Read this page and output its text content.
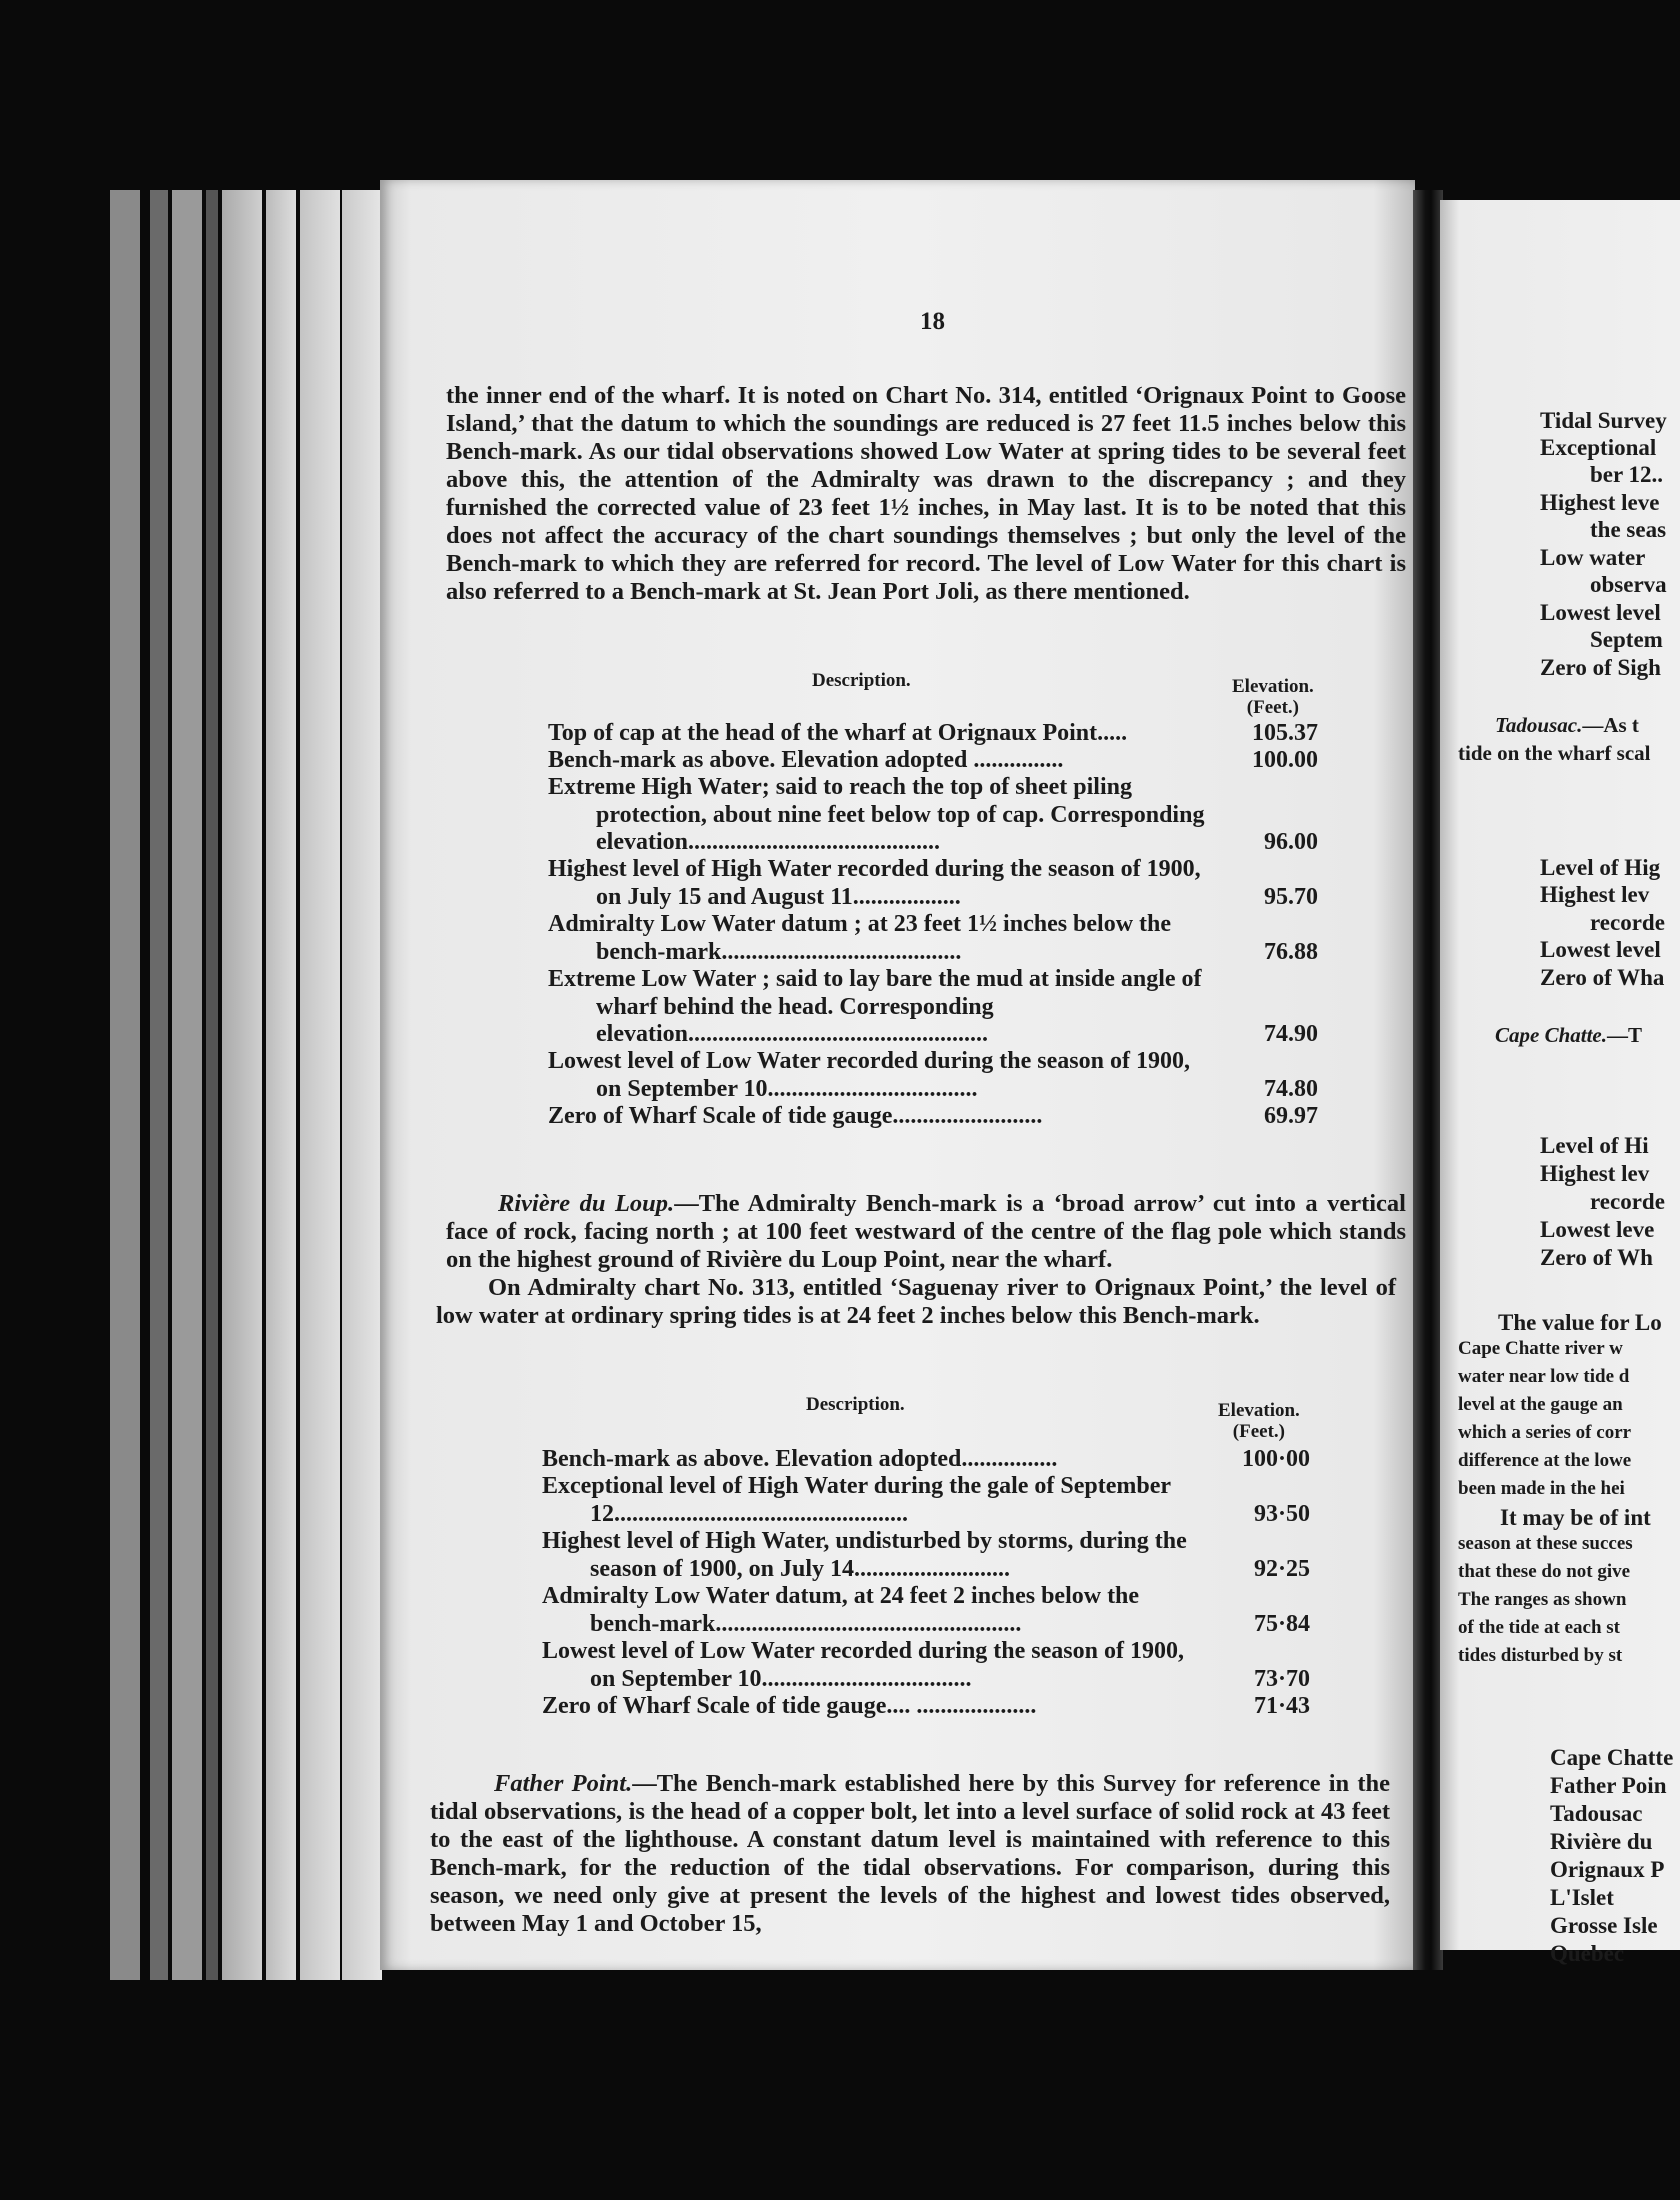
18
the inner end of the wharf. It is noted on Chart No. 314, entitled ‘Orignaux Point to Goose Island,’ that the datum to which the soundings are reduced is 27 feet 11.5 inches below this Bench-mark. As our tidal observations showed Low Water at spring tides to be several feet above this, the attention of the Admiralty was drawn to the discrepancy ; and they furnished the corrected value of 23 feet 1½ inches, in May last. It is to be noted that this does not affect the accuracy of the chart soundings themselves ; but only the level of the Bench-mark to which they are referred for record. The level of Low Water for this chart is also referred to a Bench-mark at St. Jean Port Joli, as there mentioned.
Description.	Elevation.
(Feet.)
Top of cap at the head of the wharf at Orignaux Point.....	105.37
Bench-mark as above. Elevation adopted ...............	100.00
Extreme High Water; said to reach the top of sheet piling protection, about nine feet below top of cap. Corresponding elevation..........................................	96.00
Highest level of High Water recorded during the season of 1900, on July 15 and August 11..................	95.70
Admiralty Low Water datum ; at 23 feet 1½ inches below the bench-mark........................................	76.88
Extreme Low Water ; said to lay bare the mud at inside angle of wharf behind the head. Corresponding elevation..................................................	74.90
Lowest level of Low Water recorded during the season of 1900, on September 10...................................	74.80
Zero of Wharf Scale of tide gauge.........................	69.97
Rivière du Loup.—The Admiralty Bench-mark is a ‘broad arrow’ cut into a vertical face of rock, facing north ; at 100 feet westward of the centre of the flag pole which stands on the highest ground of Rivière du Loup Point, near the wharf.
On Admiralty chart No. 313, entitled ‘Saguenay river to Orignaux Point,’ the level of low water at ordinary spring tides is at 24 feet 2 inches below this Bench-mark.
Description.	Elevation.
(Feet.)
Bench-mark as above. Elevation adopted................	100·00
Exceptional level of High Water during the gale of September 12.................................................	93·50
Highest level of High Water, undisturbed by storms, during the season of 1900, on July 14..........................	92·25
Admiralty Low Water datum, at 24 feet 2 inches below the bench-mark...................................................	75·84
Lowest level of Low Water recorded during the season of 1900, on September 10...................................	73·70
Zero of Wharf Scale of tide gauge.... ....................	71·43
Father Point.—The Bench-mark established here by this Survey for reference in the tidal observations, is the head of a copper bolt, let into a level surface of solid rock at 43 feet to the east of the lighthouse. A constant datum level is maintained with reference to this Bench-mark, for the reduction of the tidal observations. For comparison, during this season, we need only give at present the levels of the highest and lowest tides observed, between May 1 and October 15,
Tidal Survey
Exceptional
ber 12..
Highest leve
the seas
Low water
observa
Lowest level
Septem
Zero of Sigh
Tadousac.—As t
tide on the wharf scal
Level of Hig
Highest lev
recorde
Lowest level
Zero of Wha
Cape Chatte.—T
Level of Hi
Highest lev
recorde
Lowest leve
Zero of Wh
The value for Lo
Cape Chatte river w
water near low tide d
level at the gauge an
which a series of corr
difference at the lowe
been made in the hei
It may be of int
season at these succes
that these do not give
The ranges as shown
of the tide at each st
tides disturbed by st
Cape Chatte
Father Poin
Tadousac
Rivière du
Orignaux P
L'Islet
Grosse Isle
Quebec
